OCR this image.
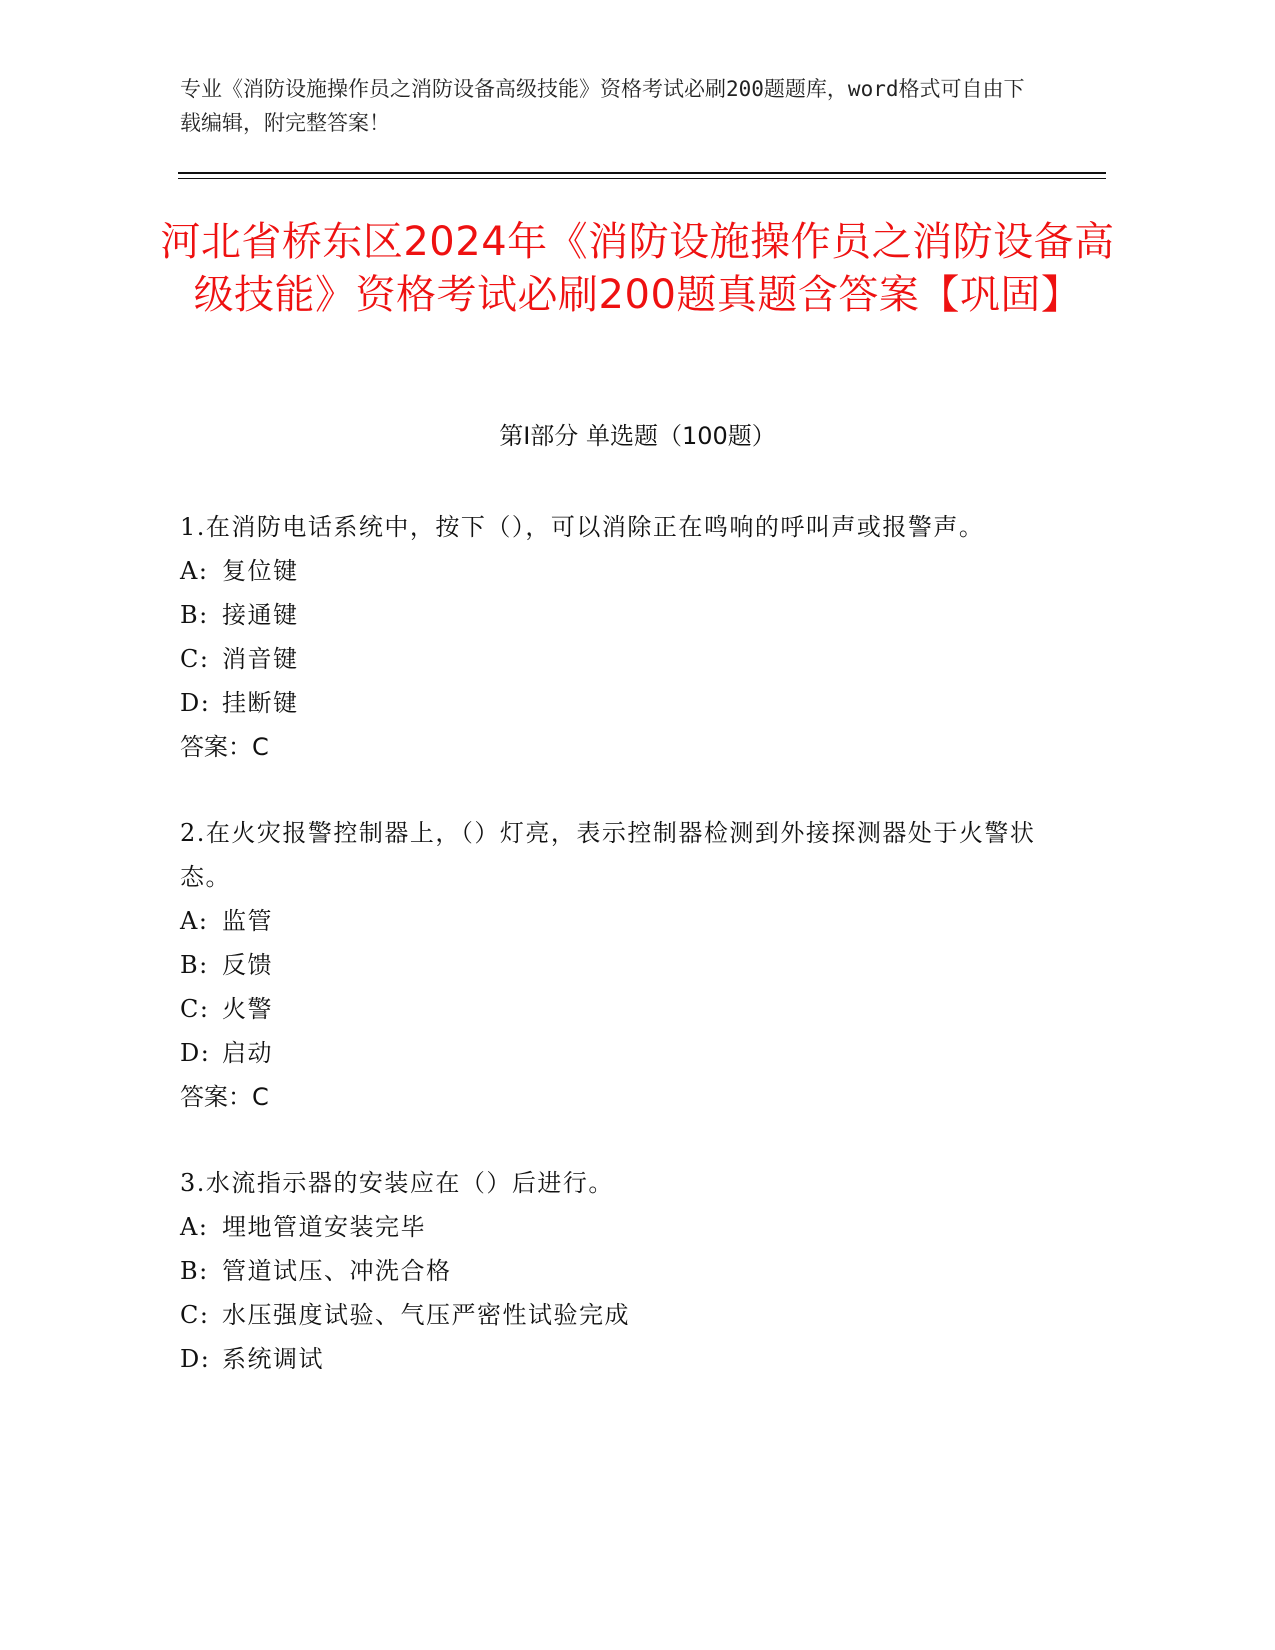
专业《消防设施操作员之消防设备高级技能》资格考试必刷200题题库，word格式可自由下载编辑，附完整答案！
河北省桥东区2024年《消防设施操作员之消防设备高级技能》资格考试必刷200题真题含答案【巩固】
第Ⅰ部分 单选题（100题）
1.在消防电话系统中，按下（），可以消除正在鸣响的呼叫声或报警声。
A: 复位键
B: 接通键
C: 消音键
D: 挂断键
答案：C
2.在火灾报警控制器上，（）灯亮，表示控制器检测到外接探测器处于火警状态。
A: 监管
B: 反馈
C: 火警
D: 启动
答案：C
3.水流指示器的安装应在（）后进行。
A: 埋地管道安装完毕
B: 管道试压、冲洗合格
C: 水压强度试验、气压严密性试验完成
D: 系统调试
